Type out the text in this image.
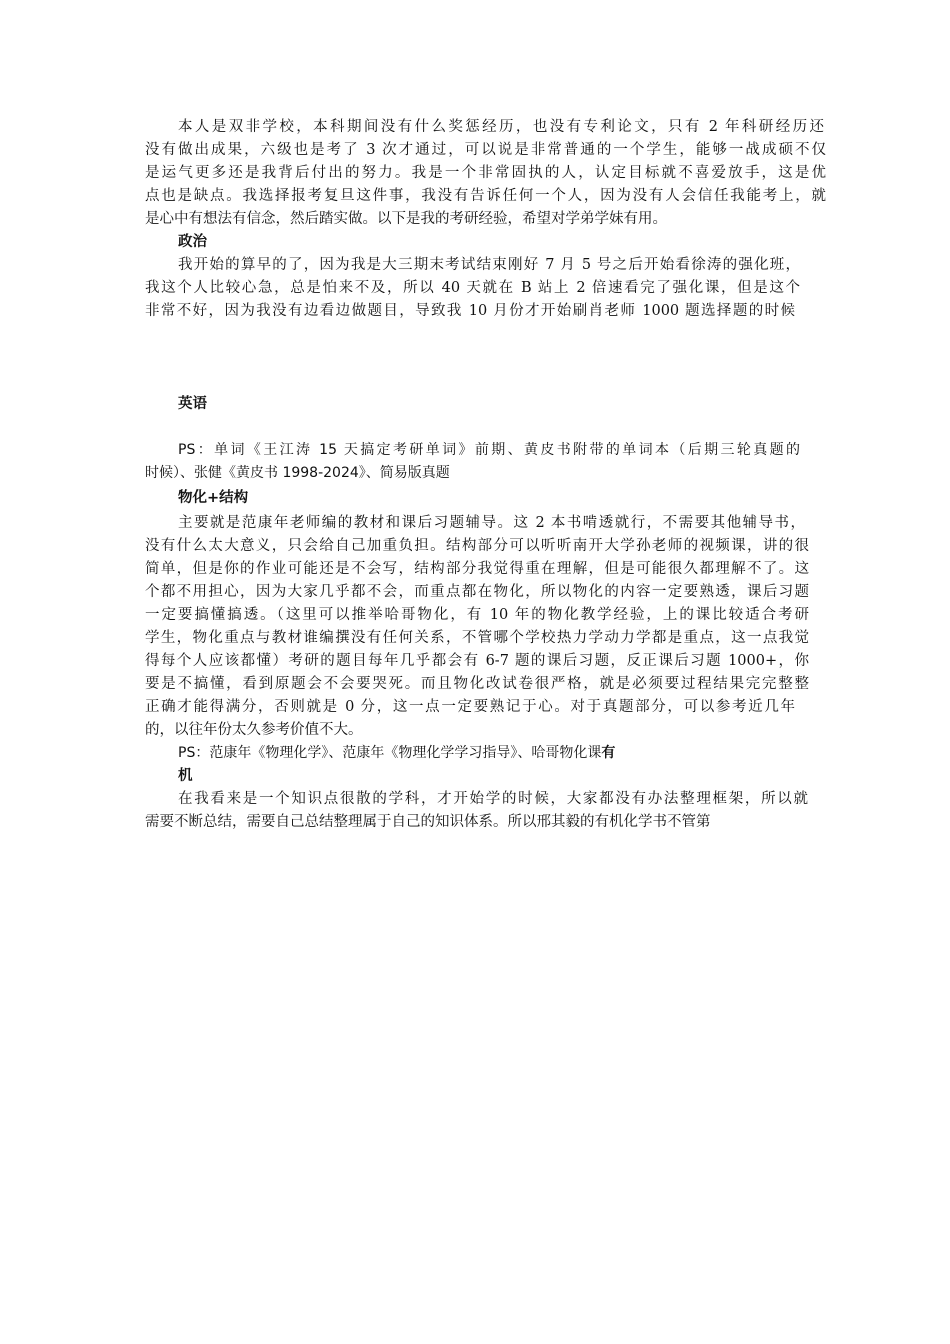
本人是双非学校，本科期间没有什么奖惩经历，也没有专利论文，只有 2 年科研经历还
没有做出成果，六级也是考了 3 次才通过，可以说是非常普通的一个学生，能够一战成硕不仅
是运气更多还是我背后付出的努力。我是一个非常固执的人，认定目标就不喜爱放手，这是优
点也是缺点。我选择报考复旦这件事，我没有告诉任何一个人，因为没有人会信任我能考上，就
是心中有想法有信念，然后踏实做。以下是我的考研经验，希望对学弟学妹有用。
政治
我开始的算早的了，因为我是大三期末考试结束刚好 7 月 5 号之后开始看徐涛的强化班，
我这个人比较心急，总是怕来不及，所以 40 天就在 B 站上 2 倍速看完了强化课，但是这个
非常不好，因为我没有边看边做题目，导致我 10 月份才开始刷肖老师 1000 题选择题的时候
英语
PS：单词《王江涛 15 天搞定考研单词》前期、黄皮书附带的单词本（后期三轮真题的
时候）、张健《黄皮书 1998-2024》、简易版真题
物化+结构
主要就是范康年老师编的教材和课后习题辅导。这 2 本书啃透就行，不需要其他辅导书，
没有什么太大意义，只会给自己加重负担。结构部分可以听听南开大学孙老师的视频课，讲的很
简单，但是你的作业可能还是不会写，结构部分我觉得重在理解，但是可能很久都理解不了。这
个都不用担心，因为大家几乎都不会，而重点都在物化，所以物化的内容一定要熟透，课后习题
一定要搞懂搞透。（这里可以推举哈哥物化，有 10 年的物化教学经验，上的课比较适合考研
学生，物化重点与教材谁编撰没有任何关系，不管哪个学校热力学动力学都是重点，这一点我觉
得每个人应该都懂）考研的题目每年几乎都会有 6-7 题的课后习题，反正课后习题 1000+，你
要是不搞懂，看到原题会不会要哭死。而且物化改试卷很严格，就是必须要过程结果完完整整
正确才能得满分，否则就是 0 分，这一点一定要熟记于心。对于真题部分，可以参考近几年
的，以往年份太久参考价值不大。
PS：范康年《物理化学》、范康年《物理化学学习指导》、哈哥物化课有
机
在我看来是一个知识点很散的学科，才开始学的时候，大家都没有办法整理框架，所以就
需要不断总结，需要自己总结整理属于自己的知识体系。所以邢其毅的有机化学书不管第
